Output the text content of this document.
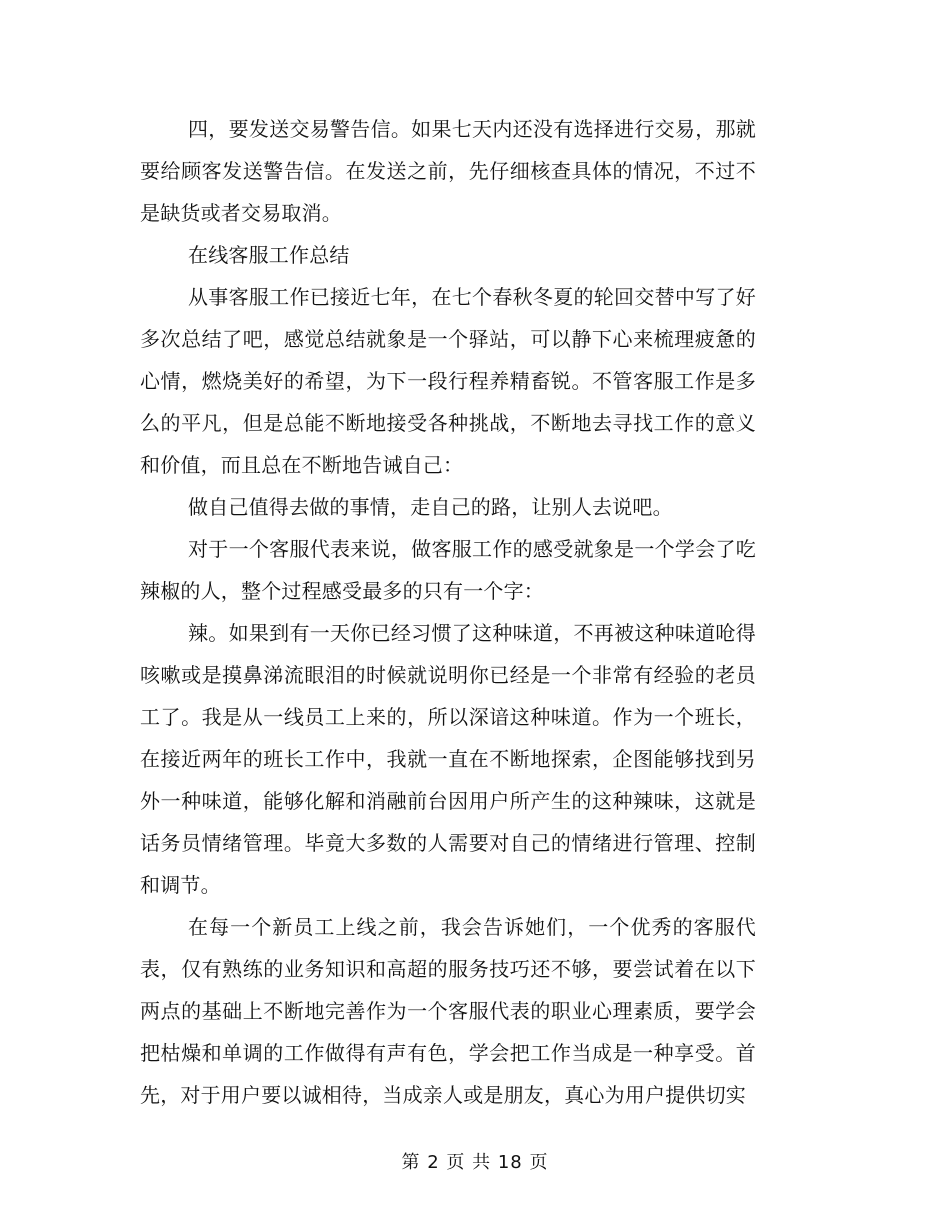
四，要发送交易警告信。如果七天内还没有选择进行交易，那就要给顾客发送警告信。在发送之前，先仔细核查具体的情况，不过不是缺货或者交易取消。

在线客服工作总结

从事客服工作已接近七年，在七个春秋冬夏的轮回交替中写了好多次总结了吧，感觉总结就象是一个驿站，可以静下心来梳理疲惫的心情，燃烧美好的希望，为下一段行程养精畜锐。不管客服工作是多么的平凡，但是总能不断地接受各种挑战，不断地去寻找工作的意义和价值，而且总在不断地告诫自己：

做自己值得去做的事情，走自己的路，让别人去说吧。

对于一个客服代表来说，做客服工作的感受就象是一个学会了吃辣椒的人，整个过程感受最多的只有一个字：

辣。如果到有一天你已经习惯了这种味道，不再被这种味道呛得咳嗽或是摸鼻涕流眼泪的时候就说明你已经是一个非常有经验的老员工了。我是从一线员工上来的，所以深谙这种味道。作为一个班长，在接近两年的班长工作中，我就一直在不断地探索，企图能够找到另外一种味道，能够化解和消融前台因用户所产生的这种辣味，这就是话务员情绪管理。毕竟大多数的人需要对自己的情绪进行管理、控制和调节。

在每一个新员工上线之前，我会告诉她们，一个优秀的客服代表，仅有熟练的业务知识和高超的服务技巧还不够，要尝试着在以下两点的基础上不断地完善作为一个客服代表的职业心理素质，要学会把枯燥和单调的工作做得有声有色，学会把工作当成是一种享受。首先，对于用户要以诚相待，当成亲人或是朋友，真心为用户提供切实

第 2 页 共 18 页
